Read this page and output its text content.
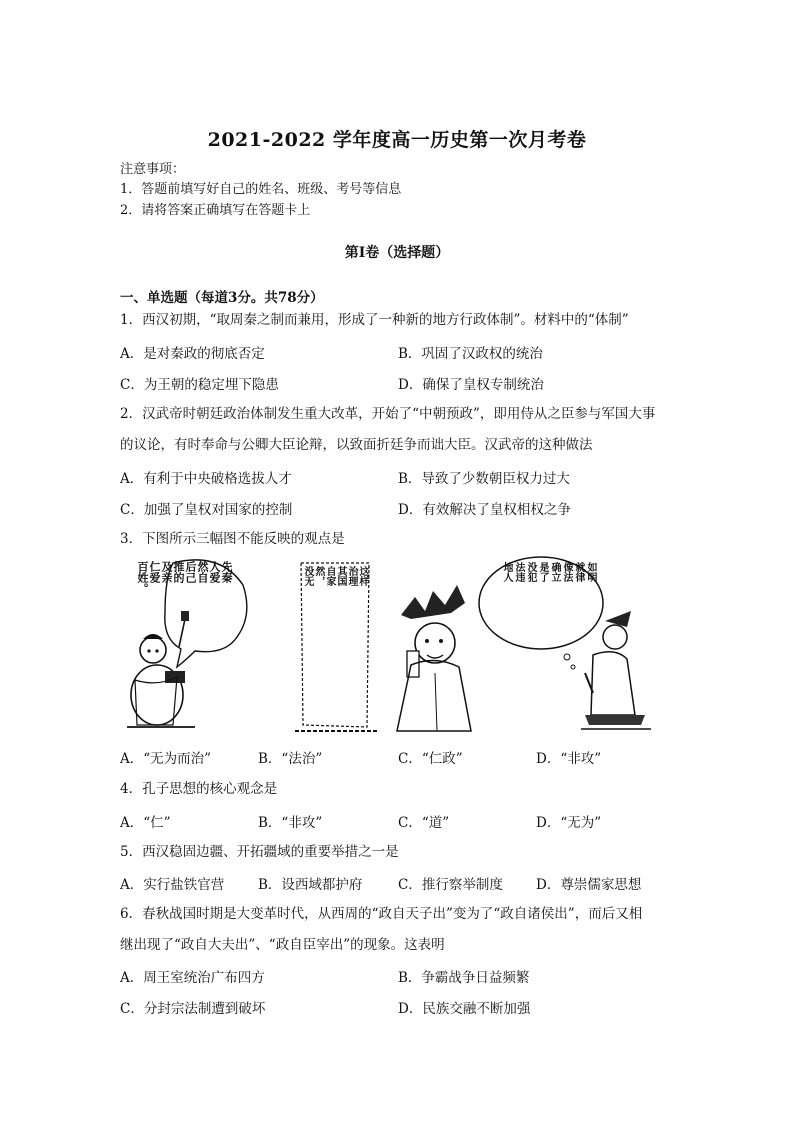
2021-2022 学年度高一历史第一次月考卷
注意事项：
1．答题前填写好自己的姓名、班级、考号等信息
2．请将答案正确填写在答题卡上
第Ⅰ卷（选择题）
一、单选题（每道3分。共78分）
1．西汉初期，“取周秦之制而兼用，形成了一种新的地方行政体制”。材料中的“体制”
A．是对秦政的彻底否定	B．巩固了汉政权的统治
C．为王朝的稳定埋下隐患	D．确保了皇权专制统治
2．汉武帝时朝廷政治体制发生重大改革，开始了“中朝预政”，即用侍从之臣参与军国大事
的议论，有时奉命与公卿大臣论辩，以致面折廷争而诎大臣。汉武帝的这种做法
A．有利于中央破格选拔人才	B．导致了少数朝臣权力过大
C．加强了皇权对国家的控制	D．有效解决了皇权相权之争
3．下图所示三幅图不能反映的观点是
先秦
人爱
然自
后己
推的
及亲
仁爱
百姓。	这样
治理
其国
自家
然，
没无	如明
就律
像法
确立
是了
没犯
法违
地人
A．“无为而治”	B．“法治”	C．“仁政”	D．“非攻”
4．孔子思想的核心观念是
A．“仁”	B．“非攻”	C．“道”	D．“无为”
5．西汉稳固边疆、开拓疆域的重要举措之一是
A．实行盐铁官营	B．设西域都护府	C．推行察举制度 D．尊崇儒家思想
6．春秋战国时期是大变革时代，从西周的“政自天子出”变为了“政自诸侯出”，而后又相
继出现了“政自大夫出”、“政自臣宰出”的现象。这表明
A．周王室统治广布四方	B．争霸战争日益频繁
C．分封宗法制遭到破坏	D．民族交融不断加强
